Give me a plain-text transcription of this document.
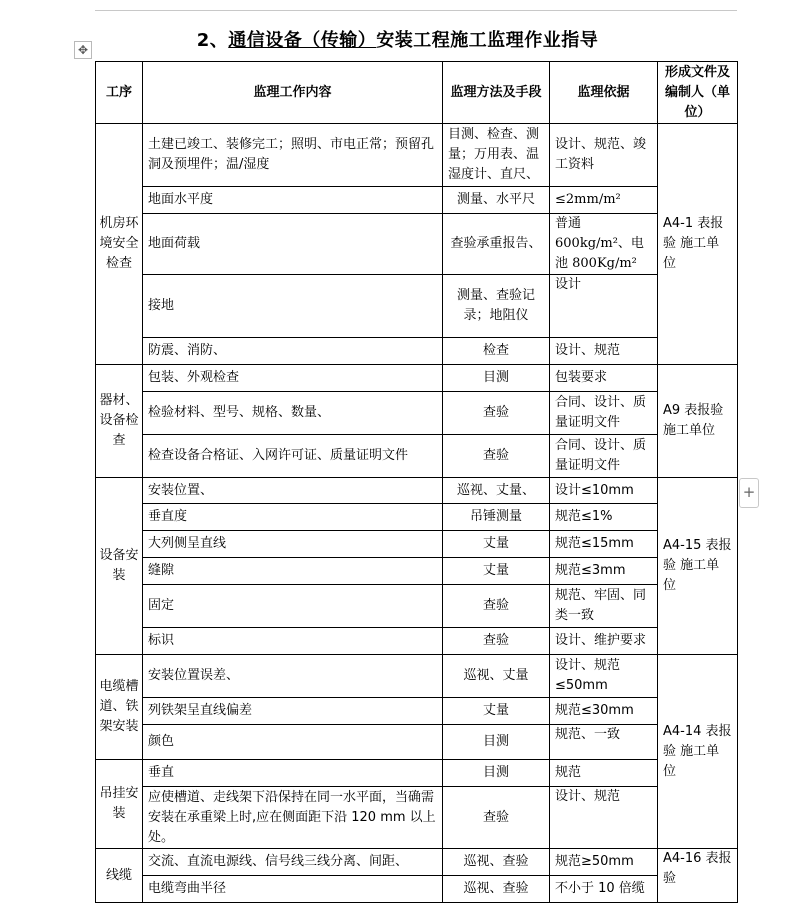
✥	2、通信设备（传输）安装工程施工监理作业指导
+
工序	监理工作内容	监理方法及手段	监理依据	形成文件及编制人（单位）
机房环境安全检查	土建已竣工、装修完工；照明、市电正常；预留孔洞及预埋件；温/湿度	目测、检查、测量；万用表、温湿度计、直尺、	设计、规范、竣工资料	A4-1 表报验 施工单位
	地面水平度	测量、水平尺	≤2mm/m²	
	地面荷载	查验承重报告、	普通 600kg/m²、电池 800Kg/m²	
	接地	测量、查验记录；地阻仪	设计	
	防震、消防、	检查	设计、规范	
器材、设备检查	包装、外观检查	目测	包装要求	A9 表报验 施工单位
	检验材料、型号、规格、数量、	查验	合同、设计、质量证明文件	
	检查设备合格证、入网许可证、质量证明文件	查验	合同、设计、质量证明文件	
设备安装	安装位置、	巡视、丈量、	设计≤10mm	A4-15 表报验 施工单位
	垂直度	吊锤测量	规范≤1%	
	大列侧呈直线	丈量	规范≤15mm	
	缝隙	丈量	规范≤3mm	
	固定	查验	规范、牢固、同类一致	
	标识	查验	设计、维护要求	
电缆槽道、铁架安装	安装位置误差、	巡视、丈量	设计、规范≤50mm	A4-14 表报验 施工单位
	列铁架呈直线偏差	丈量	规范≤30mm	
	颜色	目测	规范、一致	
吊挂安装	垂直	目测	规范	
	应使槽道、走线架下沿保持在同一水平面，当确需安装在承重梁上时,应在侧面距下沿 120 mm 以上处。	查验	设计、规范	
线缆	交流、直流电源线、信号线三线分离、间距、	巡视、查验	规范≥50mm	A4-16 表报验
	电缆弯曲半径	巡视、查验	不小于 10 倍缆	
